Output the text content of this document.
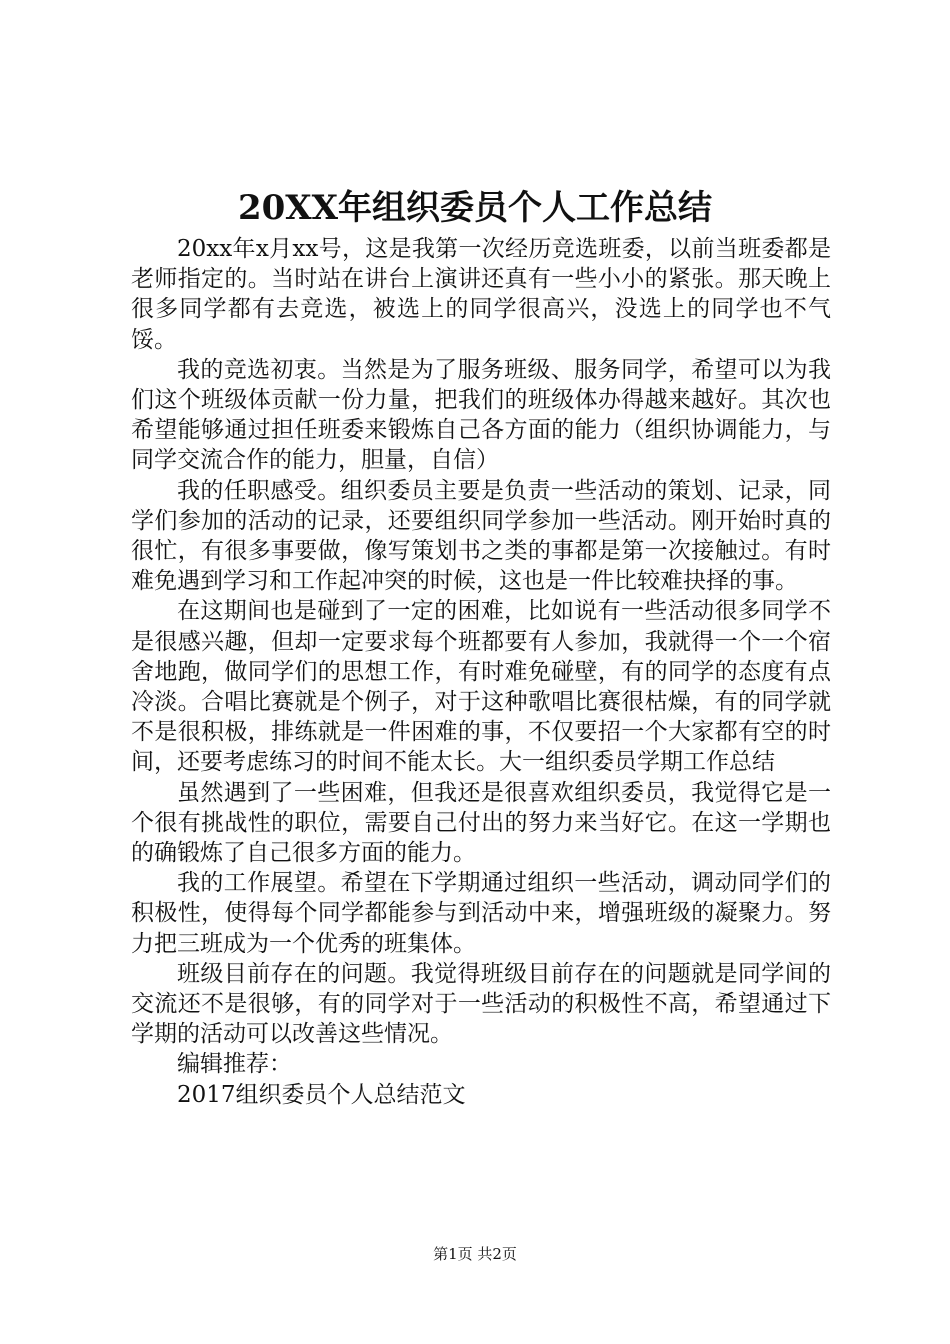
20XX年组织委员个人工作总结

20xx年x月xx号，这是我第一次经历竞选班委，以前当班委都是老师指定的。当时站在讲台上演讲还真有一些小小的紧张。那天晚上很多同学都有去竞选，被选上的同学很高兴，没选上的同学也不气馁。

我的竞选初衷。当然是为了服务班级、服务同学，希望可以为我们这个班级体贡献一份力量，把我们的班级体办得越来越好。其次也希望能够通过担任班委来锻炼自己各方面的能力（组织协调能力，与同学交流合作的能力，胆量，自信）

我的任职感受。组织委员主要是负责一些活动的策划、记录，同学们参加的活动的记录，还要组织同学参加一些活动。刚开始时真的很忙，有很多事要做，像写策划书之类的事都是第一次接触过。有时难免遇到学习和工作起冲突的时候，这也是一件比较难抉择的事。

在这期间也是碰到了一定的困难，比如说有一些活动很多同学不是很感兴趣，但却一定要求每个班都要有人参加，我就得一个一个宿舍地跑，做同学们的思想工作，有时难免碰壁，有的同学的态度有点冷淡。合唱比赛就是个例子，对于这种歌唱比赛很枯燥，有的同学就不是很积极，排练就是一件困难的事，不仅要招一个大家都有空的时间，还要考虑练习的时间不能太长。大一组织委员学期工作总结

虽然遇到了一些困难，但我还是很喜欢组织委员，我觉得它是一个很有挑战性的职位，需要自己付出的努力来当好它。在这一学期也的确锻炼了自己很多方面的能力。

我的工作展望。希望在下学期通过组织一些活动，调动同学们的积极性，使得每个同学都能参与到活动中来，增强班级的凝聚力。努力把三班成为一个优秀的班集体。

班级目前存在的问题。我觉得班级目前存在的问题就是同学间的交流还不是很够，有的同学对于一些活动的积极性不高，希望通过下学期的活动可以改善这些情况。

编辑推荐：

2017组织委员个人总结范文

第1页 共2页
